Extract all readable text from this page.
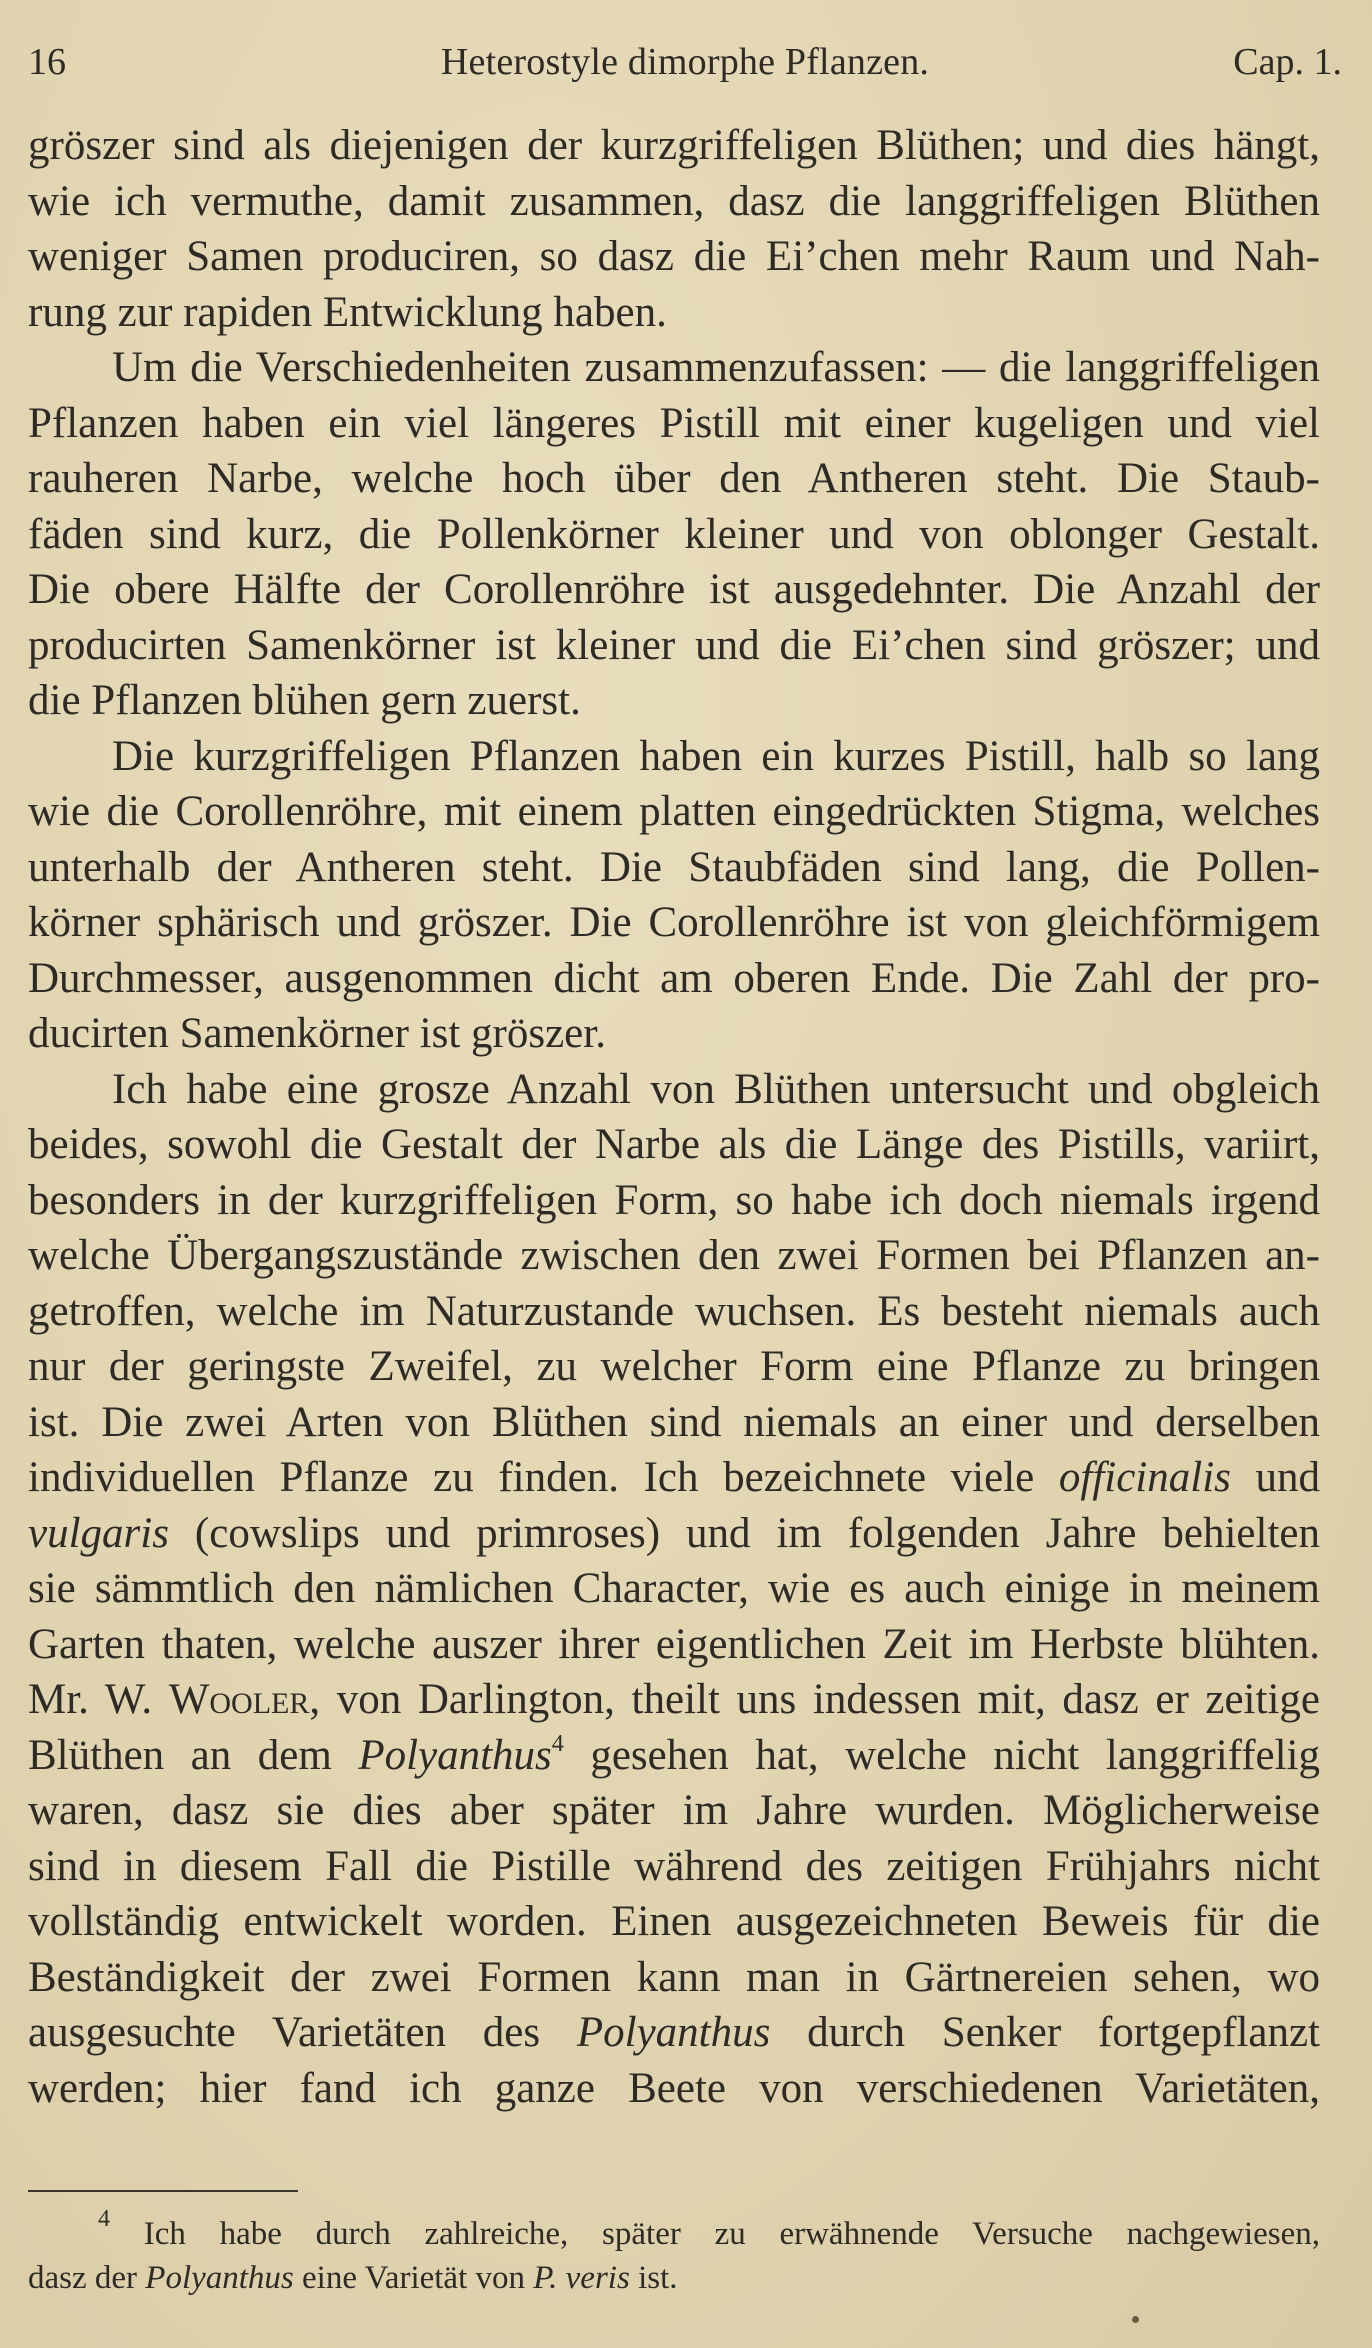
16	Heterostyle dimorphe Pflanzen.	Cap. 1.
gröszer sind als diejenigen der kurzgriffeligen Blüthen; und dies hängt,
wie ich vermuthe, damit zusammen, dasz die langgriffeligen Blüthen
weniger Samen produciren, so dasz die Ei’chen mehr Raum und Nah-
rung zur rapiden Entwicklung haben.
Um die Verschiedenheiten zusammenzufassen: — die langgriffeligen
Pflanzen haben ein viel längeres Pistill mit einer kugeligen und viel
rauheren Narbe, welche hoch über den Antheren steht. Die Staub-
fäden sind kurz, die Pollenkörner kleiner und von oblonger Gestalt.
Die obere Hälfte der Corollenröhre ist ausgedehnter. Die Anzahl der
producirten Samenkörner ist kleiner und die Ei’chen sind gröszer; und
die Pflanzen blühen gern zuerst.
Die kurzgriffeligen Pflanzen haben ein kurzes Pistill, halb so lang
wie die Corollenröhre, mit einem platten eingedrückten Stigma, welches
unterhalb der Antheren steht. Die Staubfäden sind lang, die Pollen-
körner sphärisch und gröszer. Die Corollenröhre ist von gleichförmigem
Durchmesser, ausgenommen dicht am oberen Ende. Die Zahl der pro-
ducirten Samenkörner ist gröszer.
Ich habe eine grosze Anzahl von Blüthen untersucht und obgleich
beides, sowohl die Gestalt der Narbe als die Länge des Pistills, variirt,
besonders in der kurzgriffeligen Form, so habe ich doch niemals irgend
welche Übergangszustände zwischen den zwei Formen bei Pflanzen an-
getroffen, welche im Naturzustande wuchsen. Es besteht niemals auch
nur der geringste Zweifel, zu welcher Form eine Pflanze zu bringen
ist. Die zwei Arten von Blüthen sind niemals an einer und derselben
individuellen Pflanze zu finden. Ich bezeichnete viele officinalis und
vulgaris (cowslips und primroses) und im folgenden Jahre behielten
sie sämmtlich den nämlichen Character, wie es auch einige in meinem
Garten thaten, welche auszer ihrer eigentlichen Zeit im Herbste blühten.
Mr. W. Wooler, von Darlington, theilt uns indessen mit, dasz er zeitige
Blüthen an dem Polyanthus$^4$ gesehen hat, welche nicht langgriffelig
waren, dasz sie dies aber später im Jahre wurden. Möglicherweise
sind in diesem Fall die Pistille während des zeitigen Frühjahrs nicht
vollständig entwickelt worden. Einen ausgezeichneten Beweis für die
Beständigkeit der zwei Formen kann man in Gärtnereien sehen, wo
ausgesuchte Varietäten des Polyanthus durch Senker fortgepflanzt
werden; hier fand ich ganze Beete von verschiedenen Varietäten,
$^4$ Ich habe durch zahlreiche, später zu erwähnende Versuche nachgewiesen,
dasz der Polyanthus eine Varietät von P. veris ist.
